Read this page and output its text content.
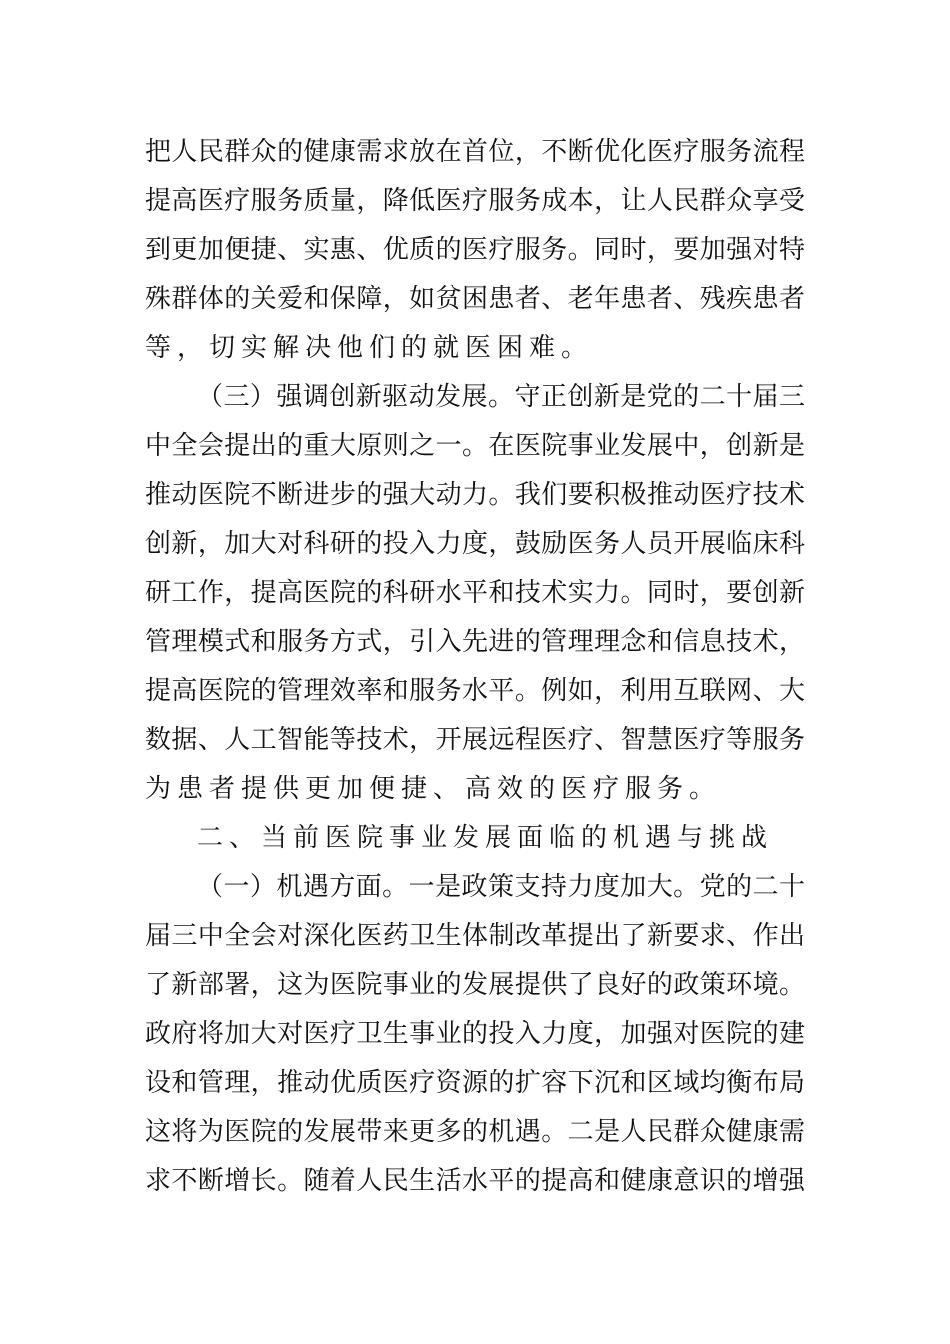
把人民群众的健康需求放在首位，不断优化医疗服务流程
提高医疗服务质量，降低医疗服务成本，让人民群众享受
到更加便捷、实惠、优质的医疗服务。同时，要加强对特
殊群体的关爱和保障，如贫困患者、老年患者、残疾患者
等，切实解决他们的就医困难。
（三）强调创新驱动发展。守正创新是党的二十届三
中全会提出的重大原则之一。在医院事业发展中，创新是
推动医院不断进步的强大动力。我们要积极推动医疗技术
创新，加大对科研的投入力度，鼓励医务人员开展临床科
研工作，提高医院的科研水平和技术实力。同时，要创新
管理模式和服务方式，引入先进的管理理念和信息技术，
提高医院的管理效率和服务水平。例如，利用互联网、大
数据、人工智能等技术，开展远程医疗、智慧医疗等服务
为患者提供更加便捷、高效的医疗服务。
二、当前医院事业发展面临的机遇与挑战
（一）机遇方面。一是政策支持力度加大。党的二十
届三中全会对深化医药卫生体制改革提出了新要求、作出
了新部署，这为医院事业的发展提供了良好的政策环境。
政府将加大对医疗卫生事业的投入力度，加强对医院的建
设和管理，推动优质医疗资源的扩容下沉和区域均衡布局
这将为医院的发展带来更多的机遇。二是人民群众健康需
求不断增长。随着人民生活水平的提高和健康意识的增强
